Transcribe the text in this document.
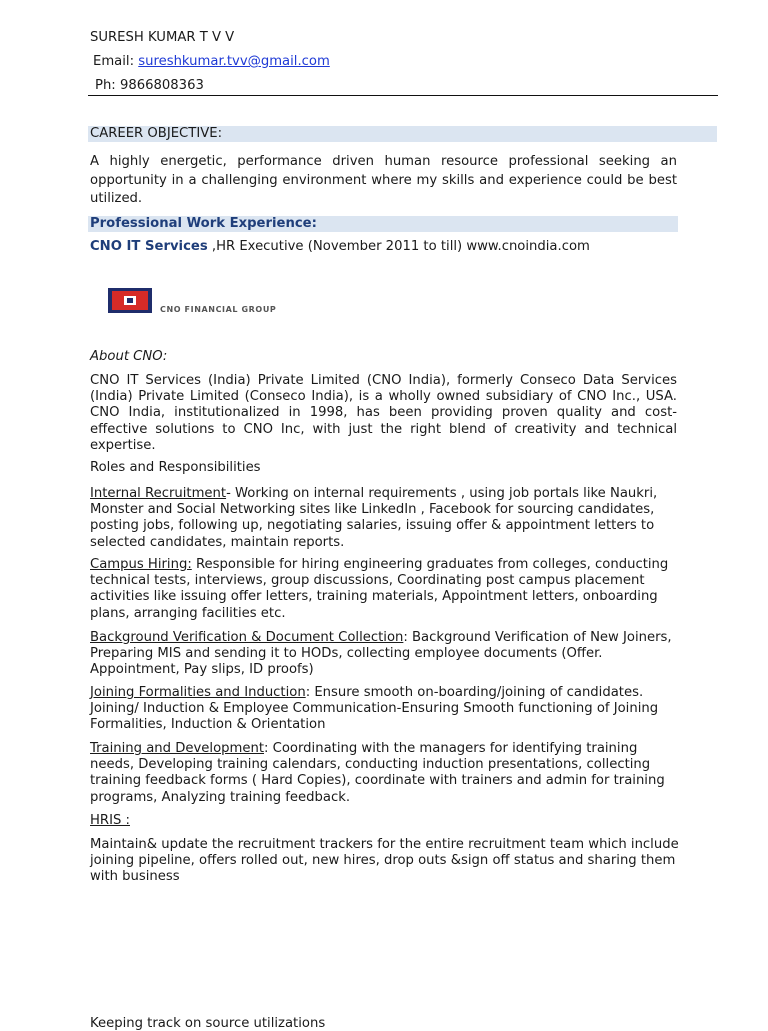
SURESH KUMAR T V V
Email: sureshkumar.tvv@gmail.com
Ph: 9866808363
CAREER OBJECTIVE:
A highly energetic, performance driven human resource professional seeking an opportunity in a challenging environment where my skills and experience could be best utilized.
Professional Work Experience:
CNO IT Services ,HR Executive (November 2011 to till) www.cnoindia.com
CNO FINANCIAL GROUP
About CNO:
CNO IT Services (India) Private Limited (CNO India), formerly Conseco Data Services (India) Private Limited (Conseco India), is a wholly owned subsidiary of CNO Inc., USA. CNO India, institutionalized in 1998, has been providing proven quality and cost-effective solutions to CNO Inc, with just the right blend of creativity and technical expertise.
Roles and Responsibilities
Internal Recruitment- Working on internal requirements , using job portals like Naukri, Monster and Social Networking sites like LinkedIn , Facebook for sourcing candidates, posting jobs, following up, negotiating salaries, issuing offer & appointment letters to selected candidates, maintain reports.
Campus Hiring: Responsible for hiring engineering graduates from colleges, conducting technical tests, interviews, group discussions, Coordinating post campus placement activities like issuing offer letters, training materials, Appointment letters, onboarding plans, arranging facilities etc.
Background Verification & Document Collection: Background Verification of New Joiners, Preparing MIS and sending it to HODs, collecting employee documents (Offer. Appointment, Pay slips, ID proofs)
Joining Formalities and Induction: Ensure smooth on-boarding/joining of candidates. Joining/ Induction & Employee Communication-Ensuring Smooth functioning of Joining Formalities, Induction & Orientation
Training and Development: Coordinating with the managers for identifying training needs, Developing training calendars, conducting induction presentations, collecting training feedback forms ( Hard Copies), coordinate with trainers and admin for training programs, Analyzing training feedback.
HRIS :
Maintain& update the recruitment trackers for the entire recruitment team which include joining pipeline, offers rolled out, new hires, drop outs &sign off status and sharing them with business
Keeping track on source utilizations
